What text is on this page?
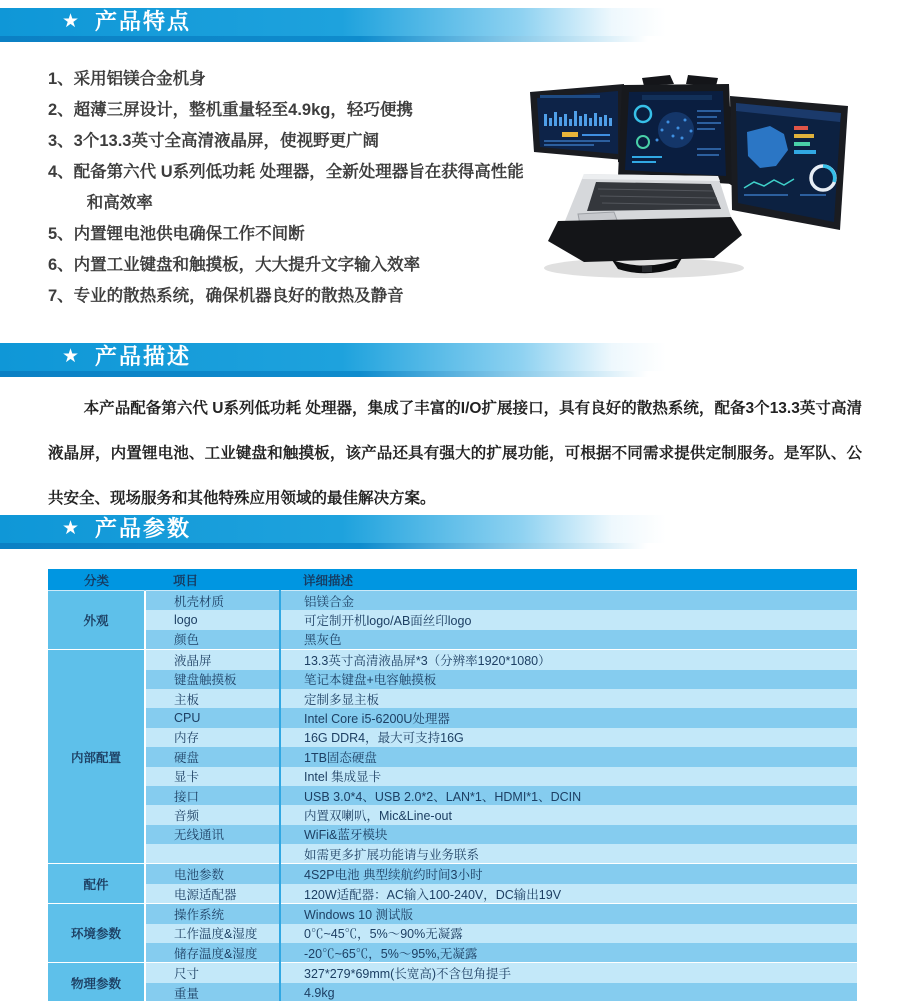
★ 产品特点
1、采用铝镁合金机身
2、超薄三屏设计，整机重量轻至4.9kg，轻巧便携
3、3个13.3英寸全高清液晶屏，使视野更广阔
4、配备第六代 U系列低功耗 处理器，全新处理器旨在获得高性能和高效率
5、内置锂电池供电确保工作不间断
6、内置工业键盘和触摸板，大大提升文字输入效率
7、专业的散热系统，确保机器良好的散热及静音
★ 产品描述

本产品配备第六代 U系列低功耗 处理器，集成了丰富的I/O扩展接口，具有良好的散热系统，配备3个13.3英寸高清液晶屏，内置锂电池、工业键盘和触摸板，该产品还具有强大的扩展功能，可根据不同需求提供定制服务。是军队、公共安全、现场服务和其他特殊应用领域的最佳解决方案。

★ 产品参数
分类	项目	详细描述
外观	机壳材质	铝镁合金
	logo	可定制开机logo/AB面丝印logo
	颜色	黑灰色
内部配置	液晶屏	13.3英寸高清液晶屏*3（分辨率1920*1080）
	键盘触摸板	笔记本键盘+电容触摸板
	主板	定制多显主板
	CPU	Intel Core i5-6200U处理器
	内存	16G DDR4，最大可支持16G
	硬盘	1TB固态硬盘
	显卡	Intel 集成显卡
	接口	USB 3.0*4、USB 2.0*2、LAN*1、HDMI*1、DCIN
	音频	内置双喇叭，Mic&Line-out
	无线通讯	WiFi&蓝牙模块
		如需更多扩展功能请与业务联系
配件	电池参数	4S2P电池 典型续航约时间3小时
	电源适配器	120W适配器：AC输入100-240V，DC输出19V
环境参数	操作系统	Windows 10 测试版
	工作温度&湿度	0℃~45℃，5%～90%无凝露
	储存温度&湿度	-20℃~65℃，5%～95%,无凝露
物理参数	尺寸	327*279*69mm(长宽高)不含包角提手
	重量	4.9kg
